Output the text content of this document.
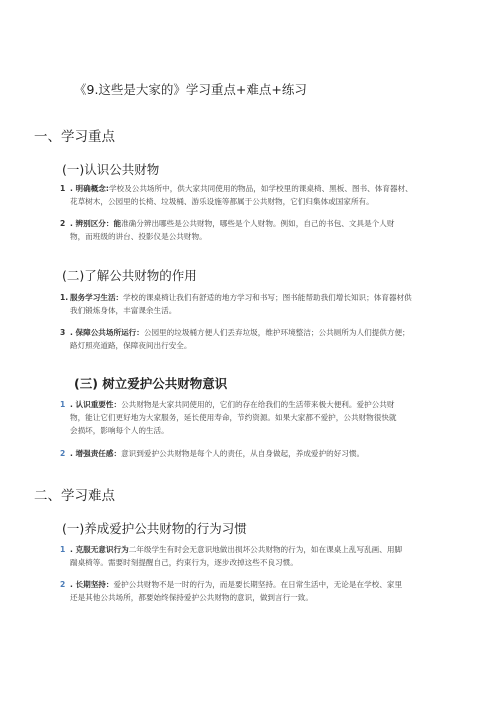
《9.这些是大家的》学习重点+难点+练习
一、学习重点
(一)认识公共财物
1 . 明确概念:学校及公共场所中，供大家共同使用的物品，如学校里的课桌椅、黑板、图书、体育器材、
花草树木，公园里的长椅、垃圾桶、游乐设施等都属于公共财物，它们归集体或国家所有。
2 . 辨别区分：能准确分辨出哪些是公共财物，哪些是个人财物。例如，自己的书包、文具是个人财
物，而班级的讲台、投影仪是公共财物。
(二)了解公共财物的作用
1. 服务学习生活：学校的课桌椅让我们有舒适的地方学习和书写；图书能帮助我们增长知识；体育器材供
我们锻炼身体，丰富课余生活。
3 . 保障公共场所运行：公园里的垃圾桶方便人们丢弃垃圾，维护环境整洁；公共厕所为人们提供方便；
路灯照亮道路，保障夜间出行安全。
(三) 树立爱护公共财物意识
1 . 认识重要性：公共财物是大家共同使用的，它们的存在给我们的生活带来极大便利。爱护公共财
物，能让它们更好地为大家服务，延长使用寿命，节约资源。如果大家都不爱护，公共财物很快就
会损坏，影响每个人的生活。
2 . 增强责任感：意识到爱护公共财物是每个人的责任，从自身做起，养成爱护的好习惯。
二、学习难点
(一)养成爱护公共财物的行为习惯
1 . 克服无意识行为二年级学生有时会无意识地做出损坏公共财物的行为，如在课桌上乱写乱画、用脚
踹桌椅等。需要时刻提醒自己，约束行为，逐步改掉这些不良习惯。
2 . 长期坚持：爱护公共财物不是一时的行为，而是要长期坚持。在日常生活中，无论是在学校、家里
还是其他公共场所，都要始终保持爱护公共财物的意识，做到言行一致。
